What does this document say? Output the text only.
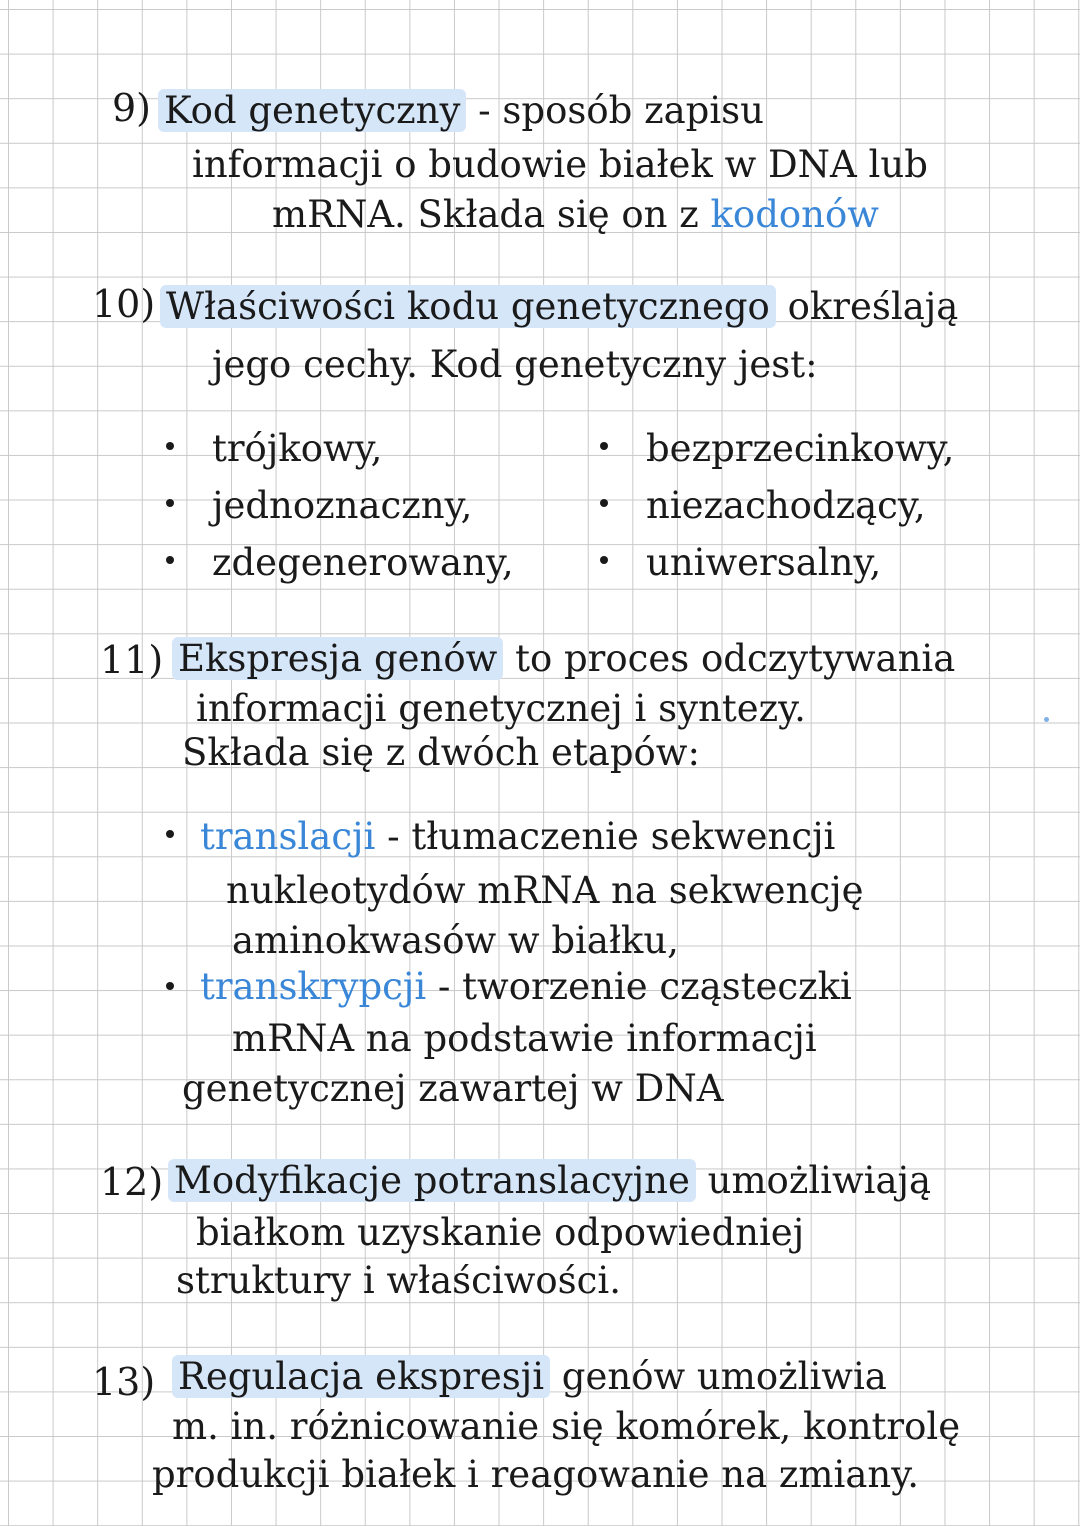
9) Kod genetyczny - sposób zapisu
informacji o budowie białek w DNA lub
mRNA. Składa się on z kodonów
10) Właściwości kodu genetycznego określają
jego cechy. Kod genetyczny jest:
trójkowy,
jednoznaczny,
zdegenerowany,
bezprzecinkowy,
niezachodzący,
uniwersalny,
11) Ekspresja genów to proces odczytywania
informacji genetycznej i syntezy.
Składa się z dwóch etapów:
translacji - tłumaczenie sekwencji
nukleotydów mRNA na sekwencję
aminokwasów w białku,
transkrypcji - tworzenie cząsteczki
mRNA na podstawie informacji
genetycznej zawartej w DNA
12) Modyfikacje potranslacyjne umożliwiają
białkom uzyskanie odpowiedniej
struktury i właściwości.
13) Regulacja ekspresji genów umożliwia
m. in. różnicowanie się komórek, kontrolę
produkcji białek i reagowanie na zmiany.
